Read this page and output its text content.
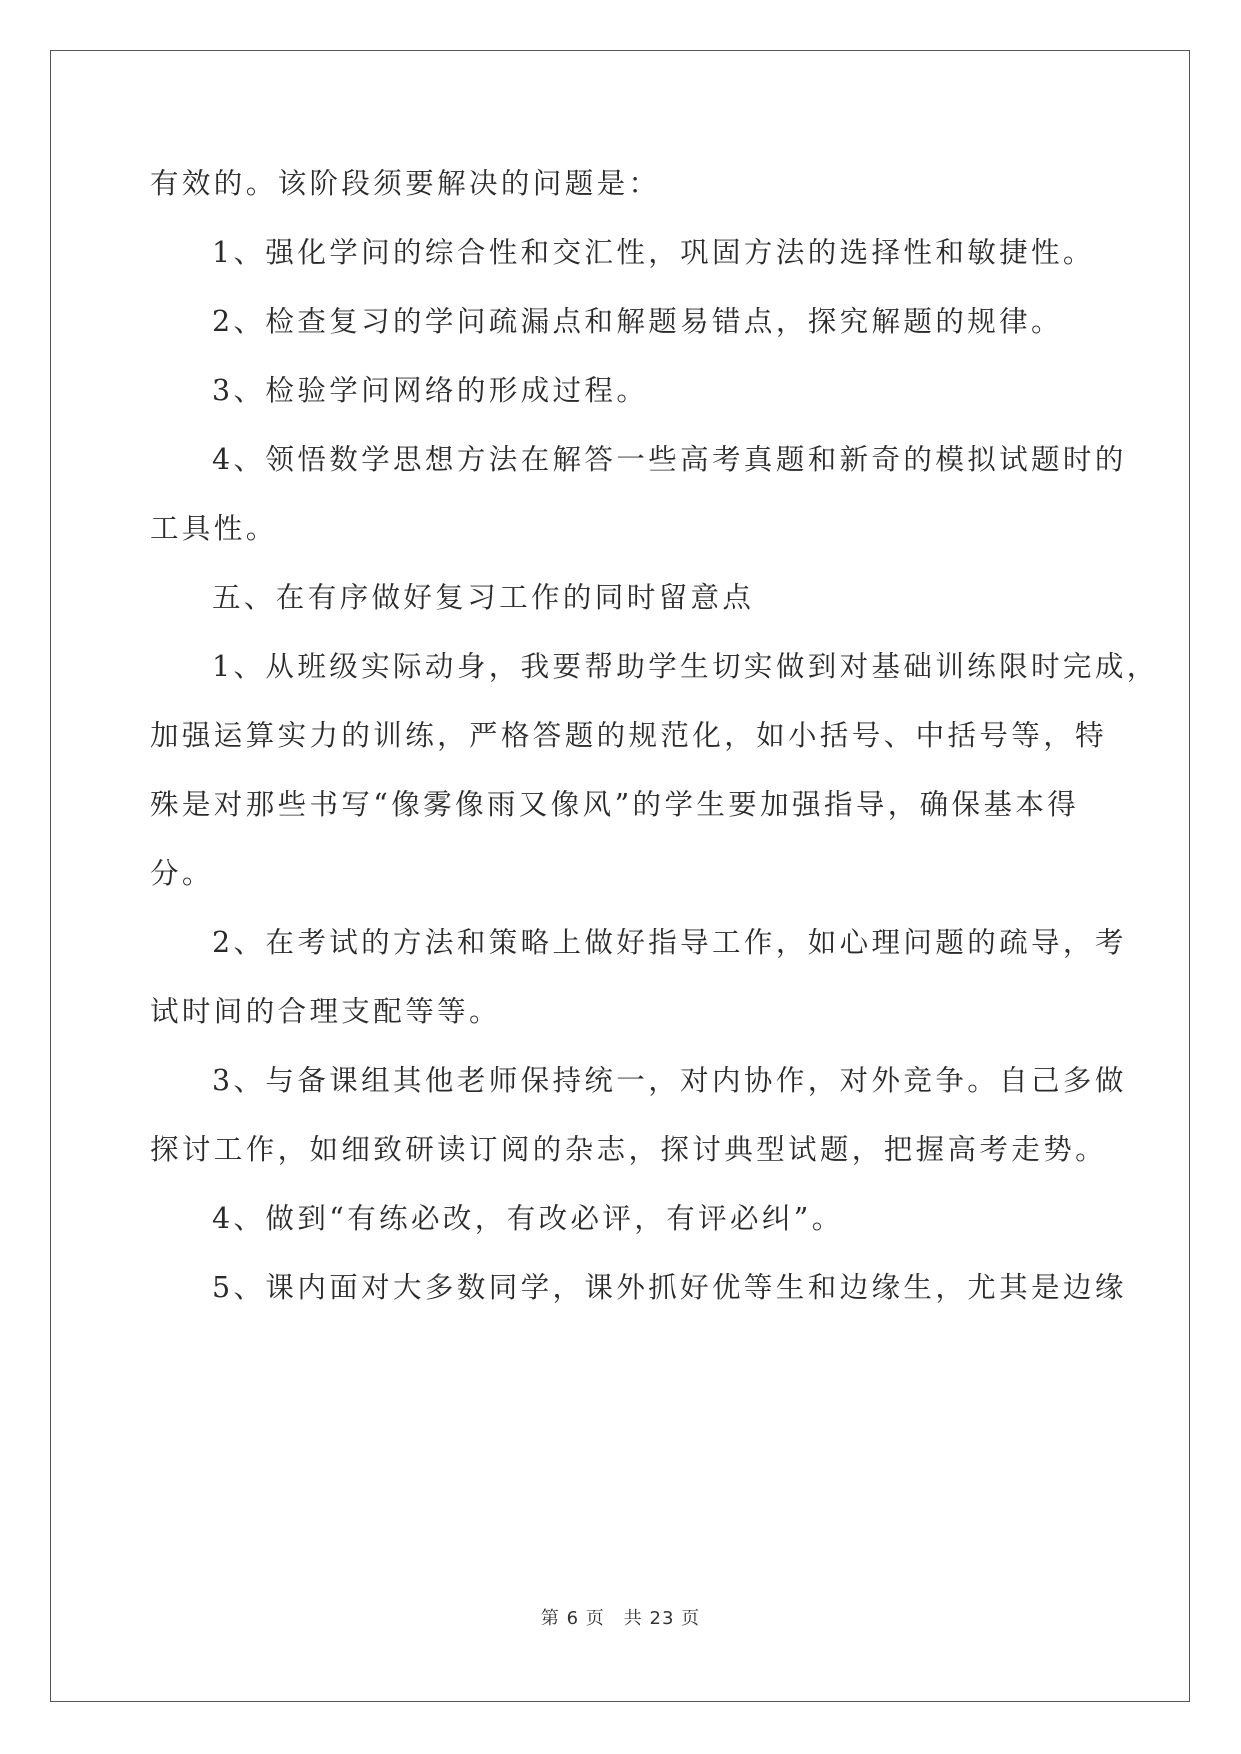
有效的。该阶段须要解决的问题是：
1、强化学问的综合性和交汇性，巩固方法的选择性和敏捷性。
2、检查复习的学问疏漏点和解题易错点，探究解题的规律。
3、检验学问网络的形成过程。
4、领悟数学思想方法在解答一些高考真题和新奇的模拟试题时的
工具性。
五、在有序做好复习工作的同时留意点
1、从班级实际动身，我要帮助学生切实做到对基础训练限时完成，
加强运算实力的训练，严格答题的规范化，如小括号、中括号等，特
殊是对那些书写“像雾像雨又像风”的学生要加强指导，确保基本得
分。
2、在考试的方法和策略上做好指导工作，如心理问题的疏导，考
试时间的合理支配等等。
3、与备课组其他老师保持统一，对内协作，对外竞争。自己多做
探讨工作，如细致研读订阅的杂志，探讨典型试题，把握高考走势。
4、做到“有练必改，有改必评，有评必纠”。
5、课内面对大多数同学，课外抓好优等生和边缘生，尤其是边缘
第 6 页　共 23 页
